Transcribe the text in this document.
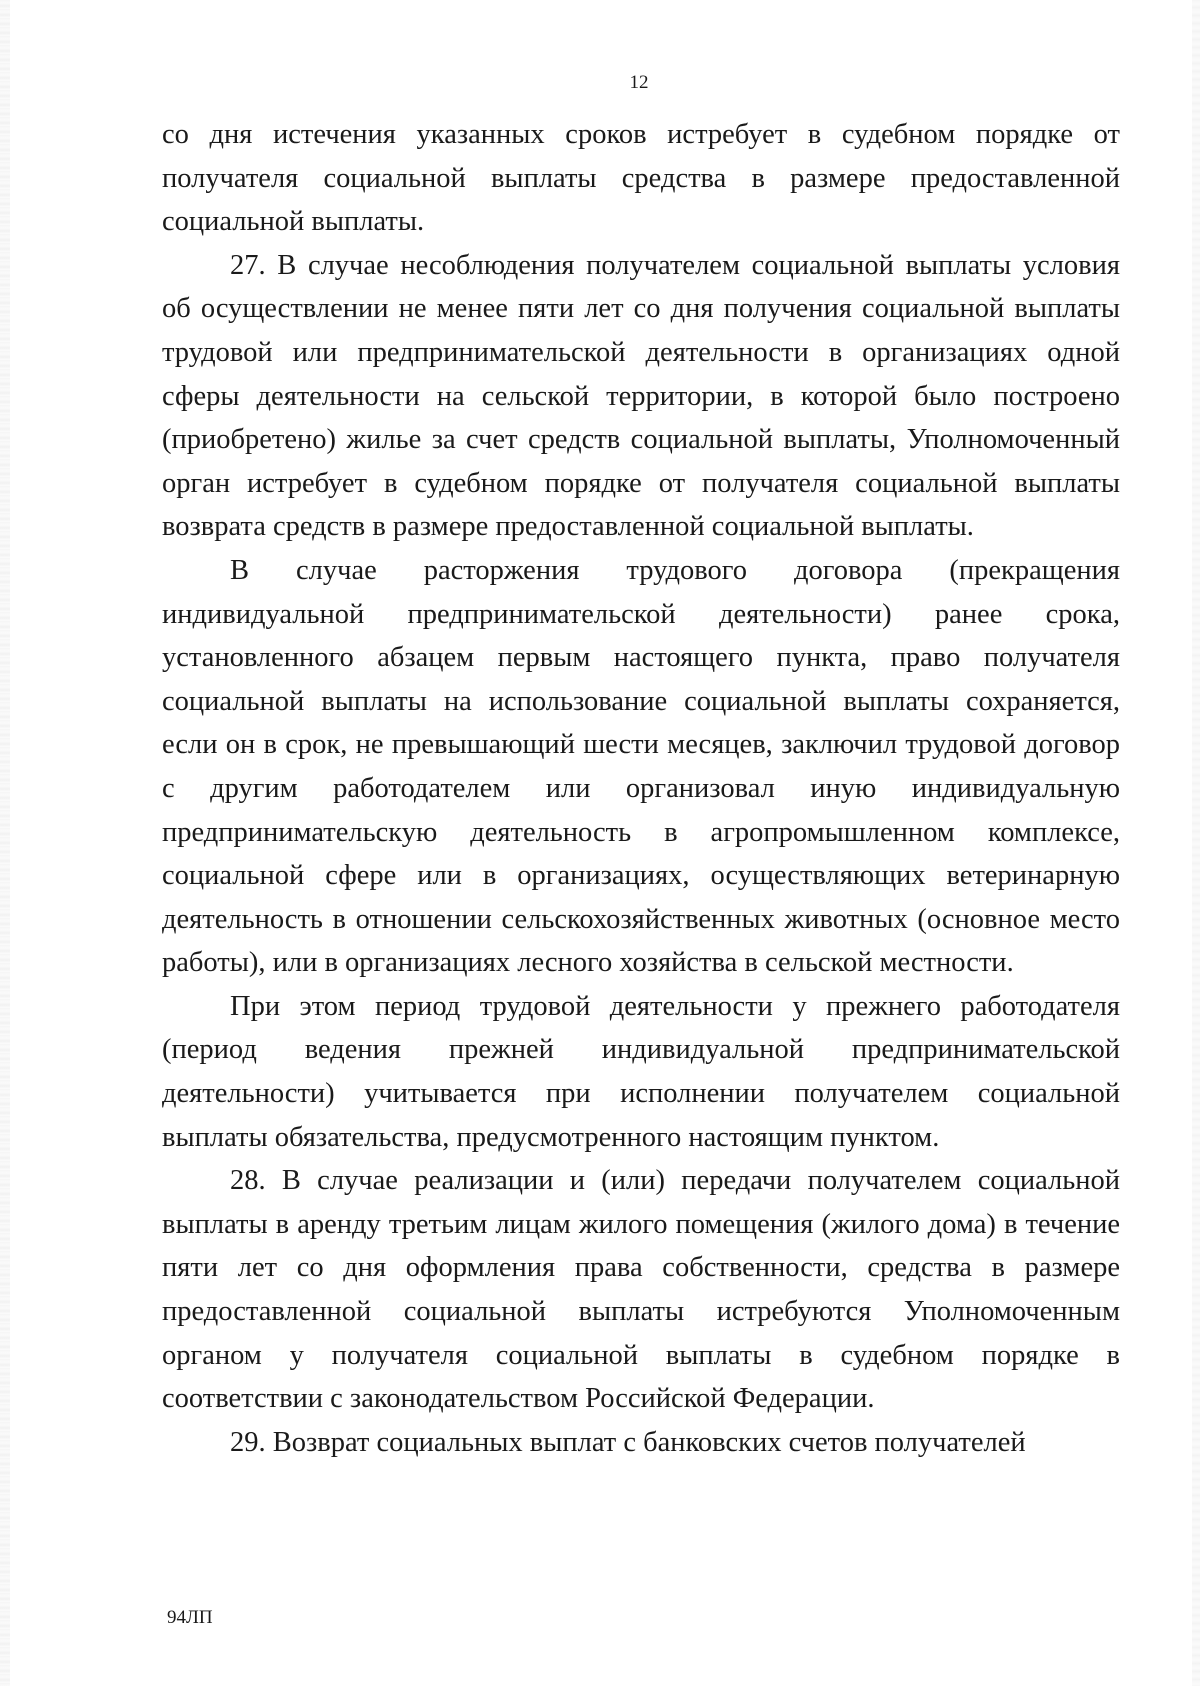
12

со дня истечения указанных сроков истребует в судебном порядке от получателя социальной выплаты средства в размере предоставленной социальной выплаты.

27. В случае несоблюдения получателем социальной выплаты условия об осуществлении не менее пяти лет со дня получения социальной выплаты трудовой или предпринимательской деятельности в организациях одной сферы деятельности на сельской территории, в которой было построено (приобретено) жилье за счет средств социальной выплаты, Уполномоченный орган истребует в судебном порядке от получателя социальной выплаты возврата средств в размере предоставленной социальной выплаты.

В случае расторжения трудового договора (прекращения индивидуальной предпринимательской деятельности) ранее срока, установленного абзацем первым настоящего пункта, право получателя социальной выплаты на использование социальной выплаты сохраняется, если он в срок, не превышающий шести месяцев, заключил трудовой договор с другим работодателем или организовал иную индивидуальную предпринимательскую деятельность в агропромышленном комплексе, социальной сфере или в организациях, осуществляющих ветеринарную деятельность в отношении сельскохозяйственных животных (основное место работы), или в организациях лесного хозяйства в сельской местности.

При этом период трудовой деятельности у прежнего работодателя (период ведения прежней индивидуальной предпринимательской деятельности) учитывается при исполнении получателем социальной выплаты обязательства, предусмотренного настоящим пунктом.

28. В случае реализации и (или) передачи получателем социальной выплаты в аренду третьим лицам жилого помещения (жилого дома) в течение пяти лет со дня оформления права собственности, средства в размере предоставленной социальной выплаты истребуются Уполномоченным органом у получателя социальной выплаты в судебном порядке в соответствии с законодательством Российской Федерации.

29. Возврат социальных выплат с банковских счетов получателей

94ЛП
